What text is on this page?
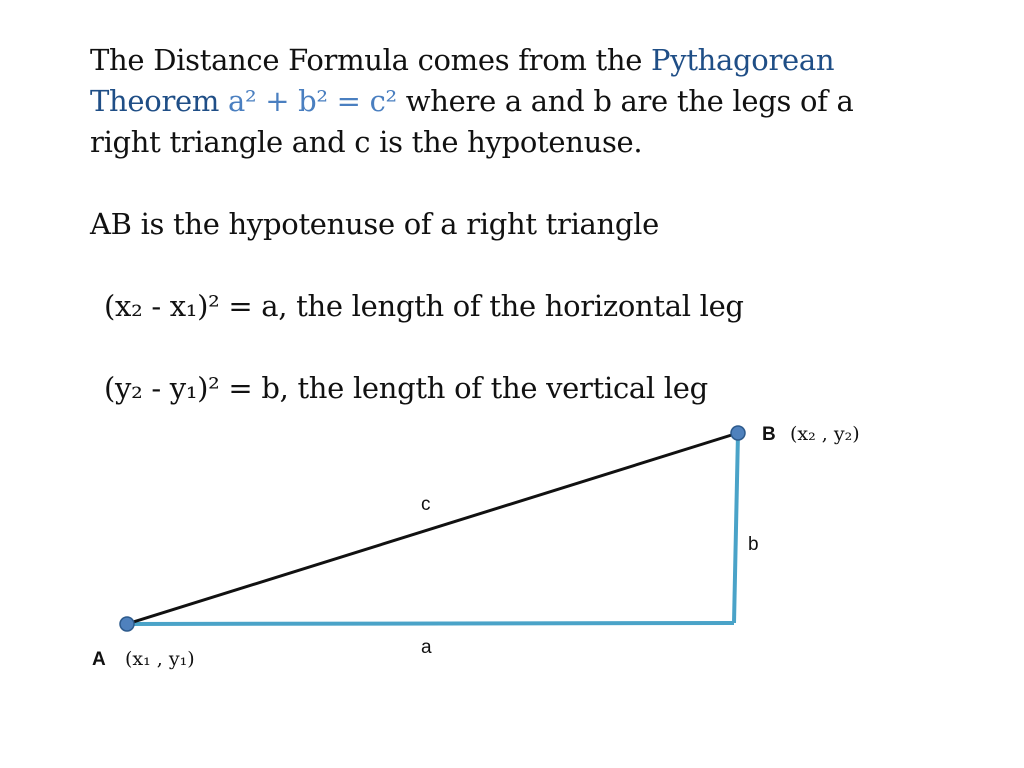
The Distance Formula comes from the Pythagorean

Theorem a² + b² = c² where a and b are the legs of a

right triangle and c is the hypotenuse.

AB is the hypotenuse of a right triangle

(x₂ - x₁)² = a, the length of the horizontal leg

(y₂ - y₁)² = b, the length of the vertical leg

c
b
a
B (x₂ , y₂)
A (x₁ , y₁)
